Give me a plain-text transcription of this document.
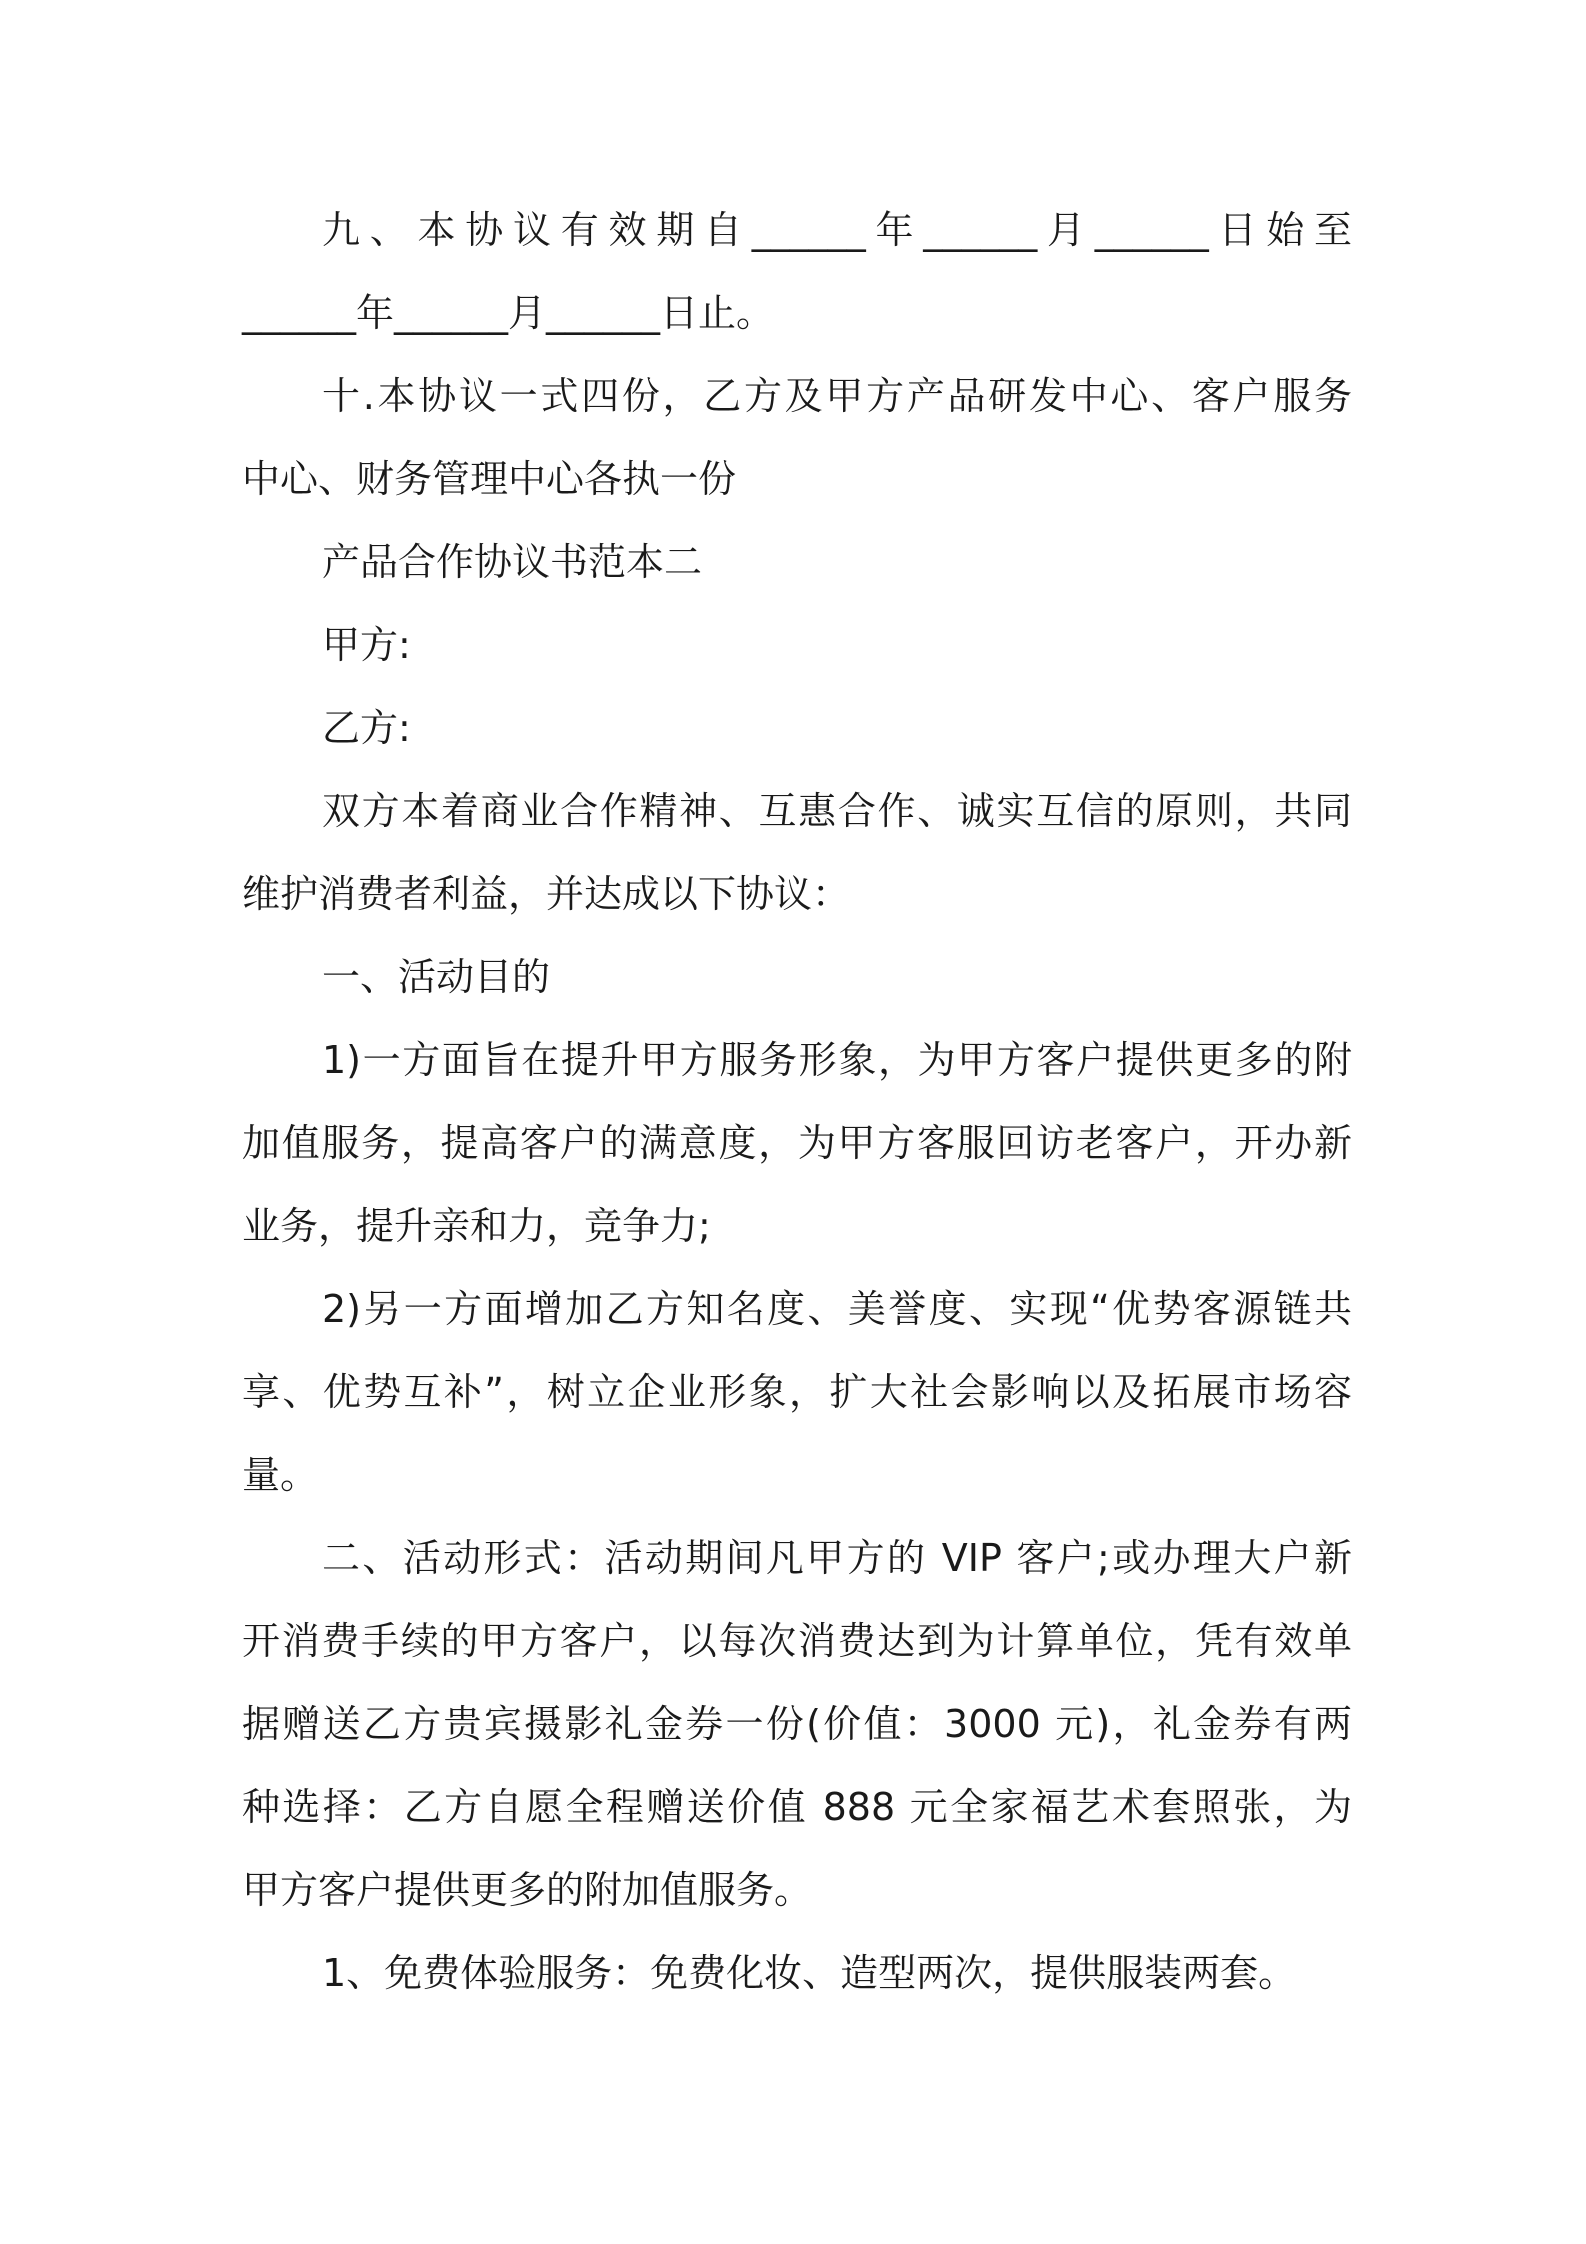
九、本协议有效期自______年______月______日始至
______年______月______日止。
十.本协议一式四份，乙方及甲方产品研发中心、客户服务
中心、财务管理中心各执一份
产品合作协议书范本二
甲方:
乙方:
双方本着商业合作精神、互惠合作、诚实互信的原则，共同
维护消费者利益，并达成以下协议：
一、活动目的
1)一方面旨在提升甲方服务形象，为甲方客户提供更多的附
加值服务，提高客户的满意度，为甲方客服回访老客户，开办新
业务，提升亲和力，竞争力;
2)另一方面增加乙方知名度、美誉度、实现“优势客源链共
享、优势互补”，树立企业形象，扩大社会影响以及拓展市场容
量。
二、活动形式：活动期间凡甲方的 VIP 客户;或办理大户新
开消费手续的甲方客户，以每次消费达到为计算单位，凭有效单
据赠送乙方贵宾摄影礼金券一份(价值：3000 元)，礼金券有两
种选择：乙方自愿全程赠送价值 888 元全家福艺术套照张，为
甲方客户提供更多的附加值服务。
1、免费体验服务：免费化妆、造型两次，提供服装两套。
